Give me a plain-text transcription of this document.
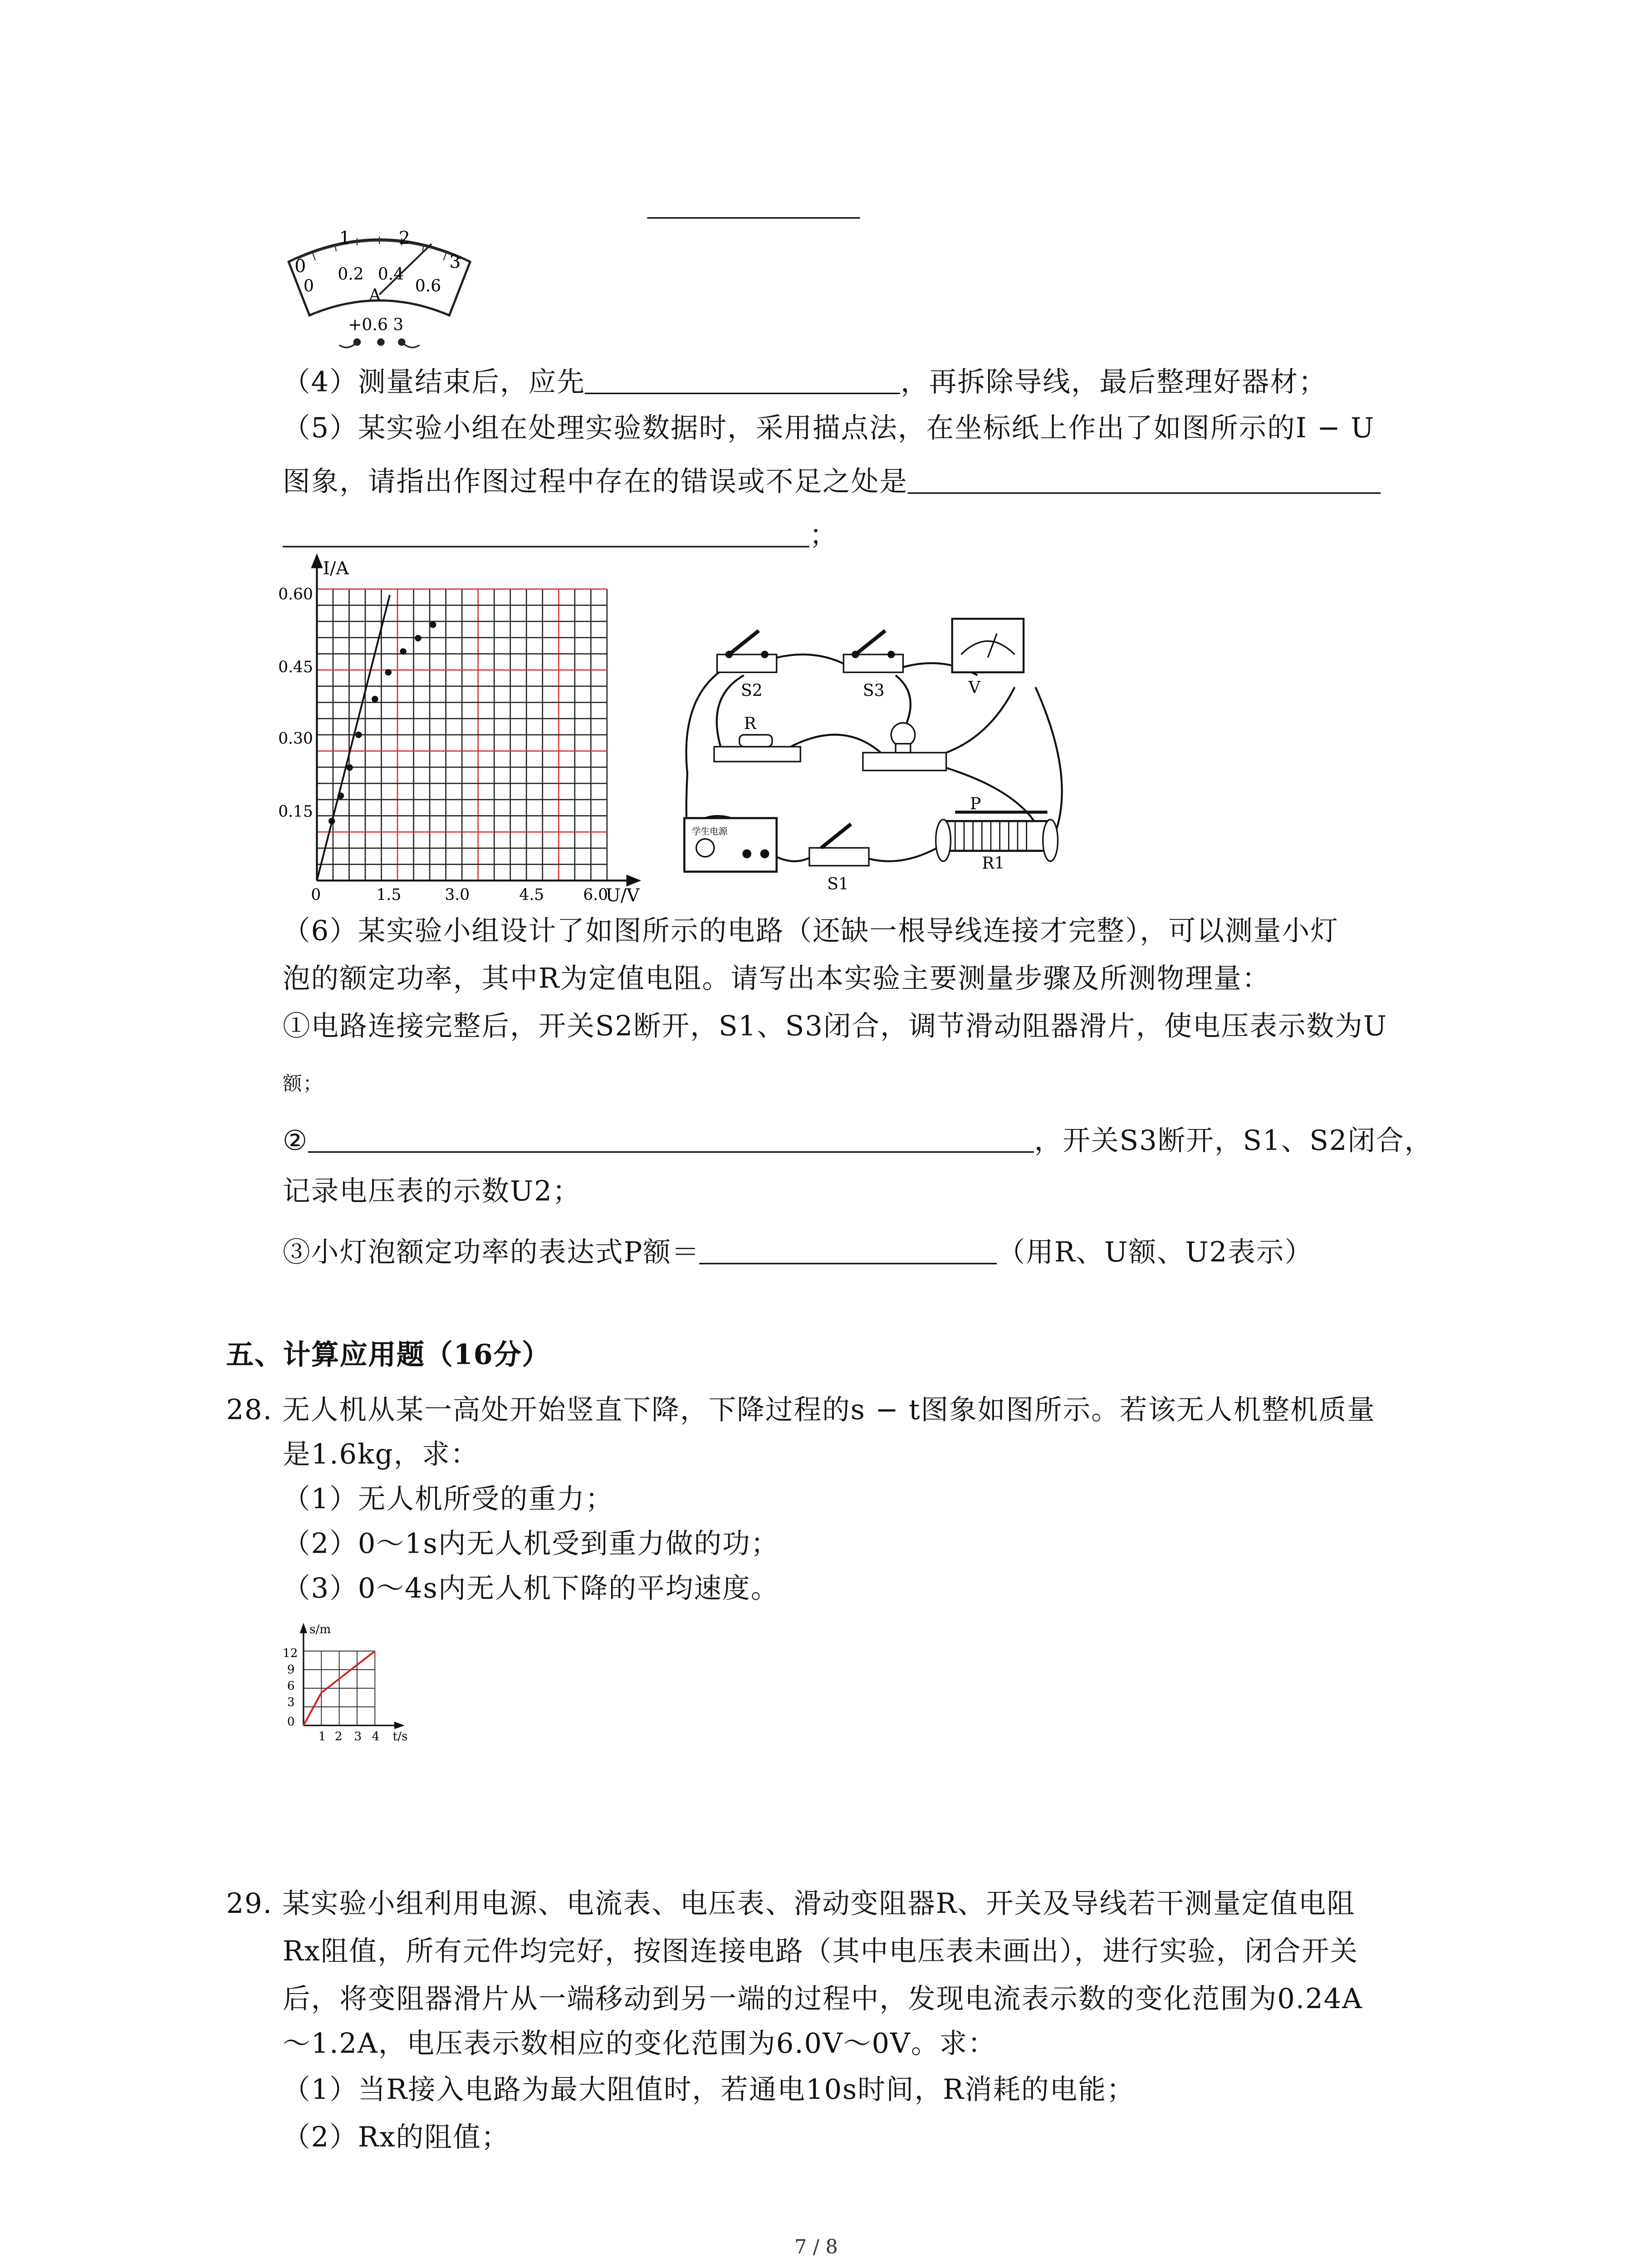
0
1	2
3
0
0.2	0.4
0.6
A
+0.6 3
（4）测量结束后，应先	，再拆除导线，最后整理好器材；
（5）某实验小组在处理实验数据时，采用描点法，在坐标纸上作出了如图所示的I − U
图象，请指出作图过程中存在的错误或不足之处是
；
I/A
U/V
0.60
0.45
0.30
0.15
0	1.5	3.0	4.5	6.0
S2	S3	V
R
学生电源
S1
P
R1
（6）某实验小组设计了如图所示的电路（还缺一根导线连接才完整），可以测量小灯
泡的额定功率，其中R为定值电阻。请写出本实验主要测量步骤及所测物理量：
①电路连接完整后，开关S2断开，S1、S3闭合，调节滑动阻器滑片，使电压表示数为U
额；
②	，开关S3断开，S1、S2闭合，
记录电压表的示数U2；
③小灯泡额定功率的表达式P额＝	（用R、U额、U2表示）
五、计算应用题（16分）
28. 无人机从某一高处开始竖直下降，下降过程的s − t图象如图所示。若该无人机整机质量
是1.6kg，求：
（1）无人机所受的重力；
（2）0～1s内无人机受到重力做的功；
（3）0～4s内无人机下降的平均速度。
s/m
t/s
12
9
6
3
0
1 2	3	4
29. 某实验小组利用电源、电流表、电压表、滑动变阻器R、开关及导线若干测量定值电阻
Rx阻值，所有元件均完好，按图连接电路（其中电压表未画出），进行实验，闭合开关
后，将变阻器滑片从一端移动到另一端的过程中，发现电流表示数的变化范围为0.24A
～1.2A，电压表示数相应的变化范围为6.0V～0V。求：
（1）当R接入电路为最大阻值时，若通电10s时间，R消耗的电能；
（2）Rx的阻值；
7 / 8
